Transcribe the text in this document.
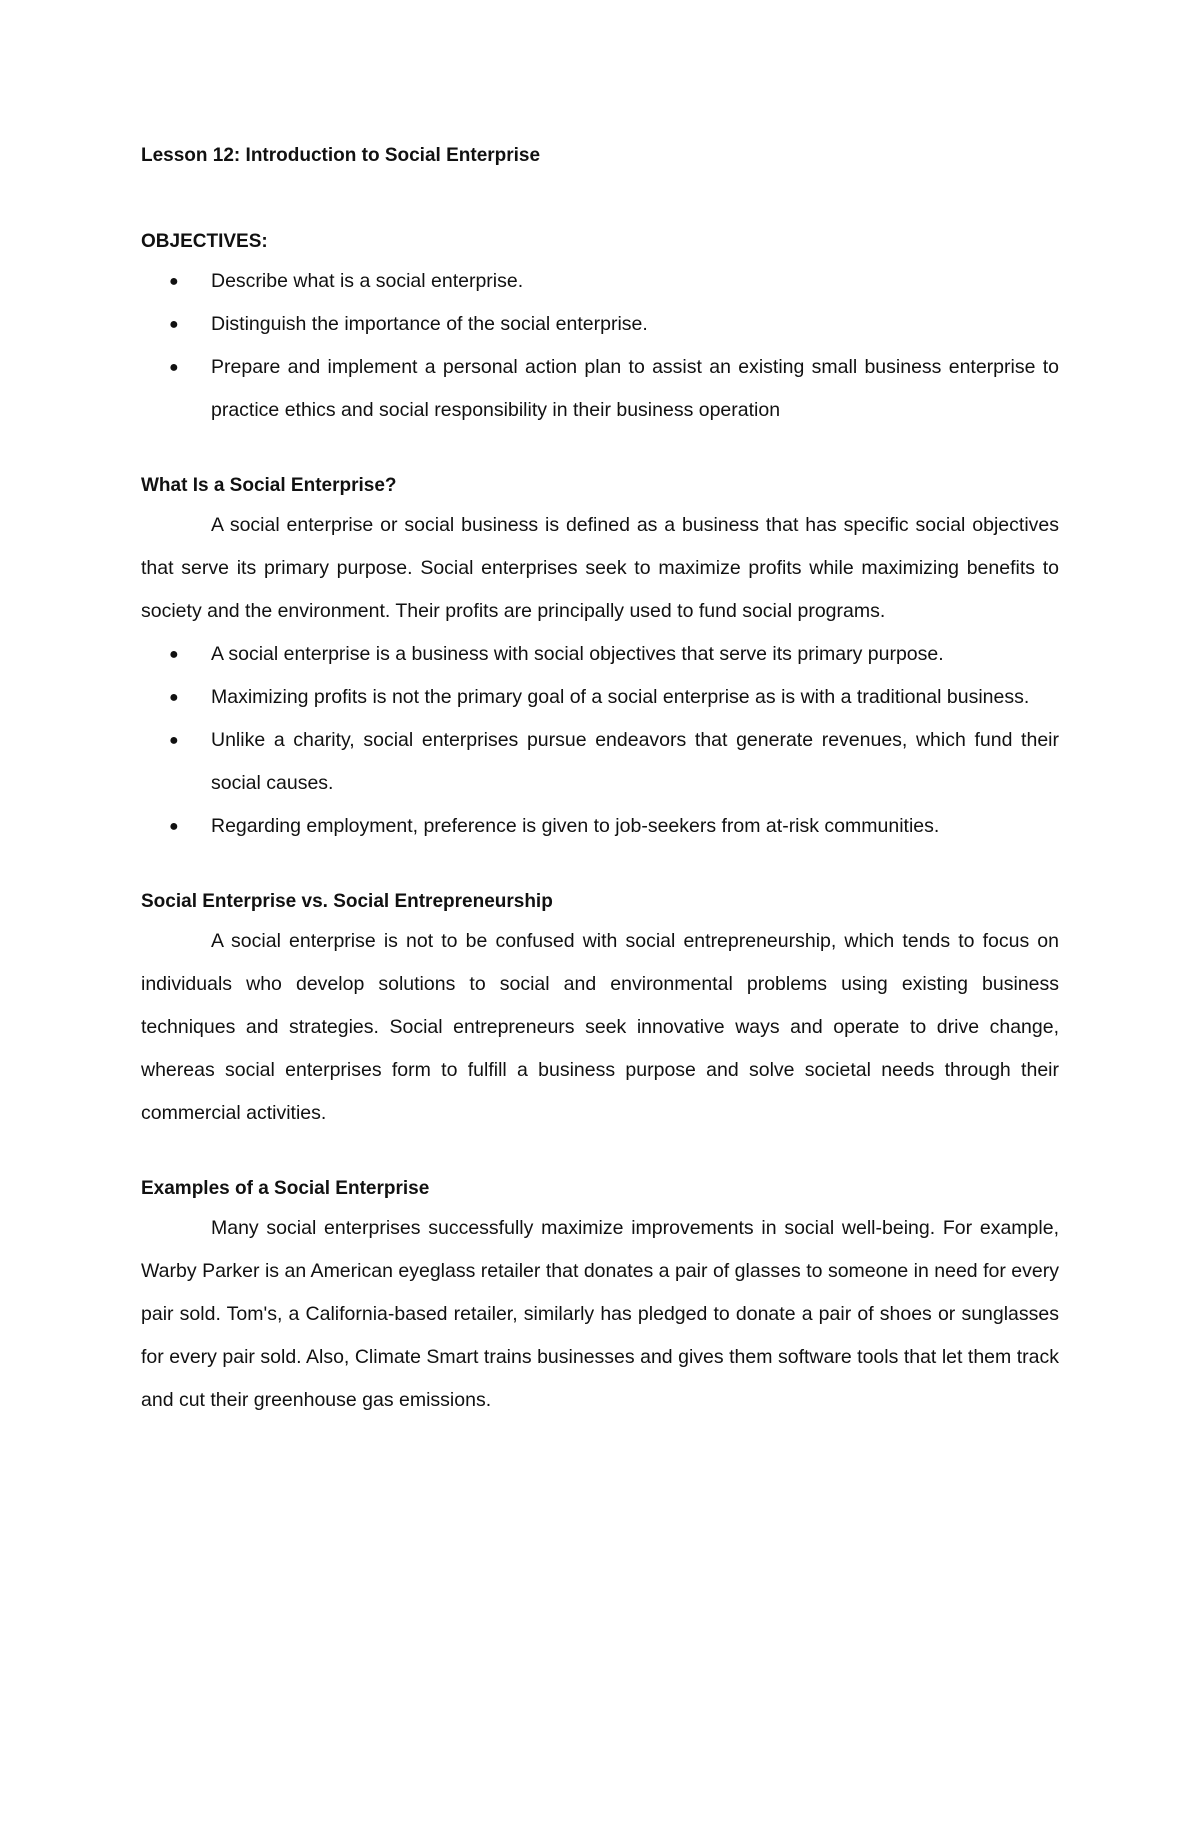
Lesson 12: Introduction to Social Enterprise
OBJECTIVES:
● Describe what is a social enterprise.
● Distinguish the importance of the social enterprise.
● Prepare and implement a personal action plan to assist an existing small business enterprise to practice ethics and social responsibility in their business operation
What Is a Social Enterprise?

A social enterprise or social business is defined as a business that has specific social objectives that serve its primary purpose. Social enterprises seek to maximize profits while maximizing benefits to society and the environment. Their profits are principally used to fund social programs.

● A social enterprise is a business with social objectives that serve its primary purpose.
● Maximizing profits is not the primary goal of a social enterprise as is with a traditional business.
● Unlike a charity, social enterprises pursue endeavors that generate revenues, which fund their social causes.
● Regarding employment, preference is given to job-seekers from at-risk communities.
Social Enterprise vs. Social Entrepreneurship

A social enterprise is not to be confused with social entrepreneurship, which tends to focus on individuals who develop solutions to social and environmental problems using existing business techniques and strategies. Social entrepreneurs seek innovative ways and operate to drive change, whereas social enterprises form to fulfill a business purpose and solve societal needs through their commercial activities.

Examples of a Social Enterprise

Many social enterprises successfully maximize improvements in social well-being. For example, Warby Parker is an American eyeglass retailer that donates a pair of glasses to someone in need for every pair sold. Tom's, a California-based retailer, similarly has pledged to donate a pair of shoes or sunglasses for every pair sold. Also, Climate Smart trains businesses and gives them software tools that let them track and cut their greenhouse gas emissions.
